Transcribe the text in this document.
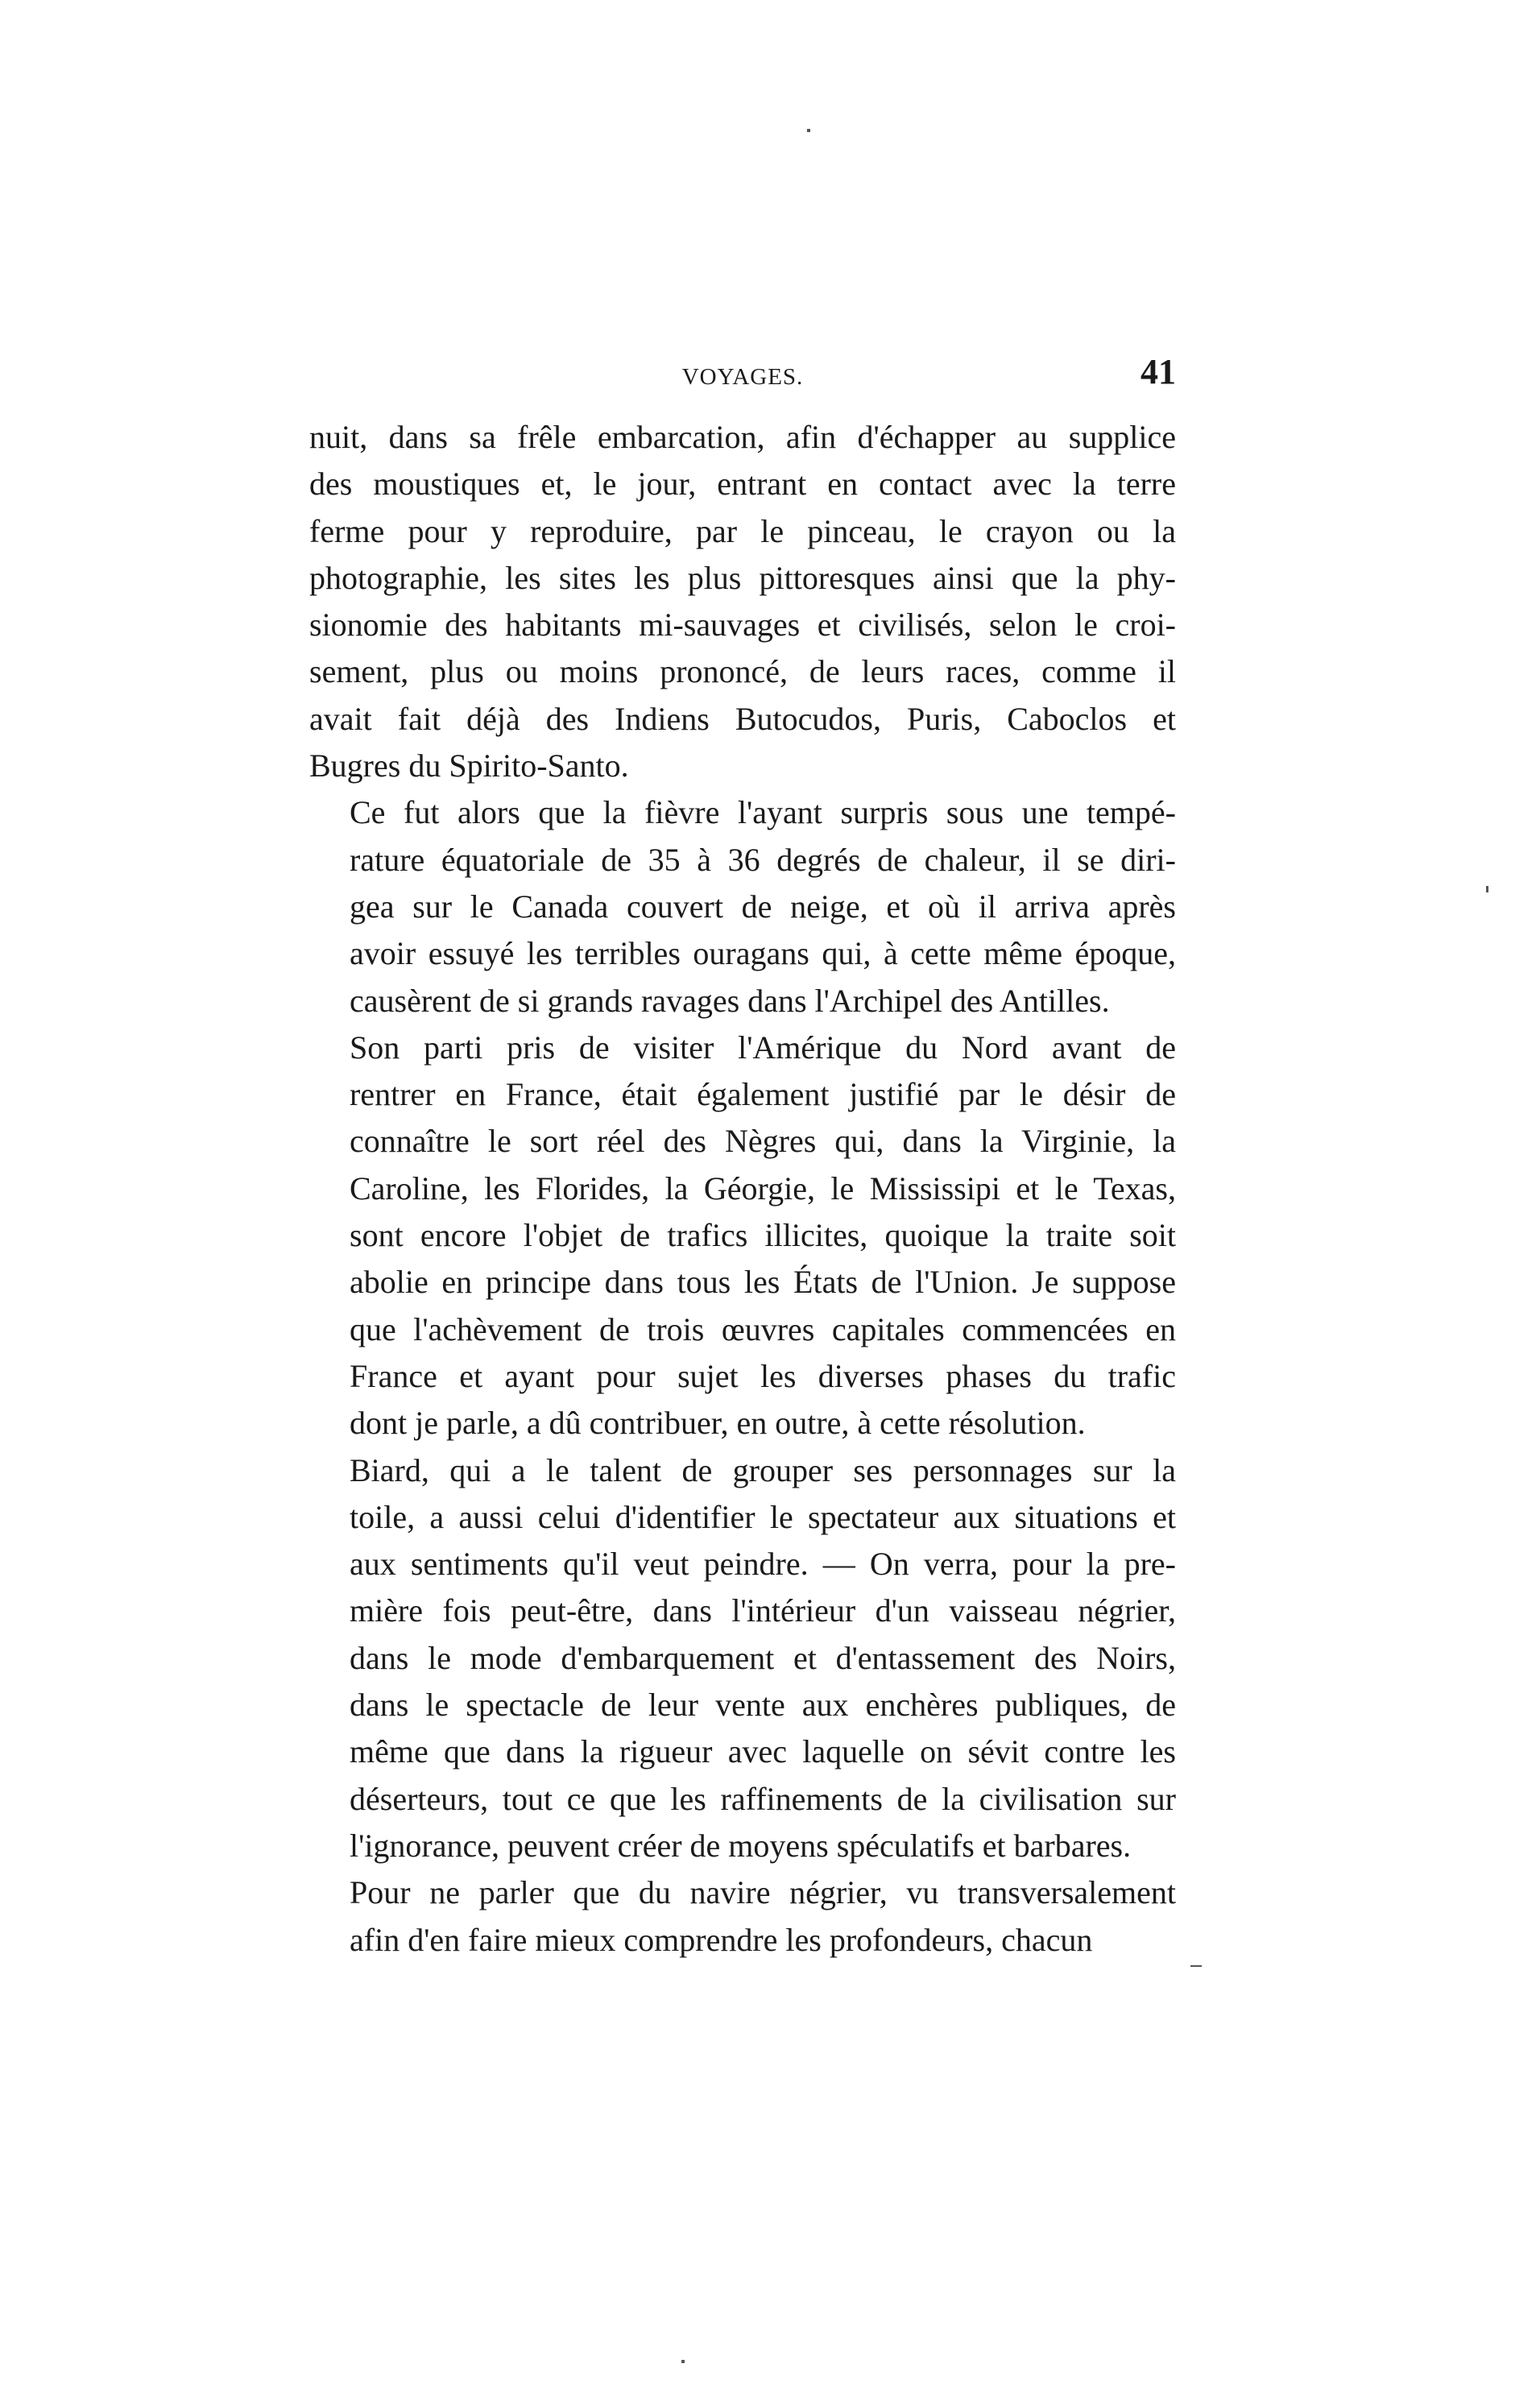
VOYAGES.	41

nuit, dans sa frêle embarcation, afin d'échapper au supplice
des moustiques et, le jour, entrant en contact avec la terre
ferme pour y reproduire, par le pinceau, le crayon ou la
photographie, les sites les plus pittoresques ainsi que la phy-
sionomie des habitants mi-sauvages et civilisés, selon le croi-
sement, plus ou moins prononcé, de leurs races, comme il
avait fait déjà des Indiens Butocudos, Puris, Caboclos et
Bugres du Spirito-Santo.

Ce fut alors que la fièvre l'ayant surpris sous une tempé-
rature équatoriale de 35 à 36 degrés de chaleur, il se diri-
gea sur le Canada couvert de neige, et où il arriva après
avoir essuyé les terribles ouragans qui, à cette même époque,
causèrent de si grands ravages dans l'Archipel des Antilles.

Son parti pris de visiter l'Amérique du Nord avant de
rentrer en France, était également justifié par le désir de
connaître le sort réel des Nègres qui, dans la Virginie, la
Caroline, les Florides, la Géorgie, le Mississipi et le Texas,
sont encore l'objet de trafics illicites, quoique la traite soit
abolie en principe dans tous les États de l'Union. Je suppose
que l'achèvement de trois œuvres capitales commencées en
France et ayant pour sujet les diverses phases du trafic
dont je parle, a dû contribuer, en outre, à cette résolution.

Biard, qui a le talent de grouper ses personnages sur la
toile, a aussi celui d'identifier le spectateur aux situations et
aux sentiments qu'il veut peindre. — On verra, pour la pre-
mière fois peut-être, dans l'intérieur d'un vaisseau négrier,
dans le mode d'embarquement et d'entassement des Noirs,
dans le spectacle de leur vente aux enchères publiques, de
même que dans la rigueur avec laquelle on sévit contre les
déserteurs, tout ce que les raffinements de la civilisation sur
l'ignorance, peuvent créer de moyens spéculatifs et barbares.

Pour ne parler que du navire négrier, vu transversalement
afin d'en faire mieux comprendre les profondeurs, chacun
